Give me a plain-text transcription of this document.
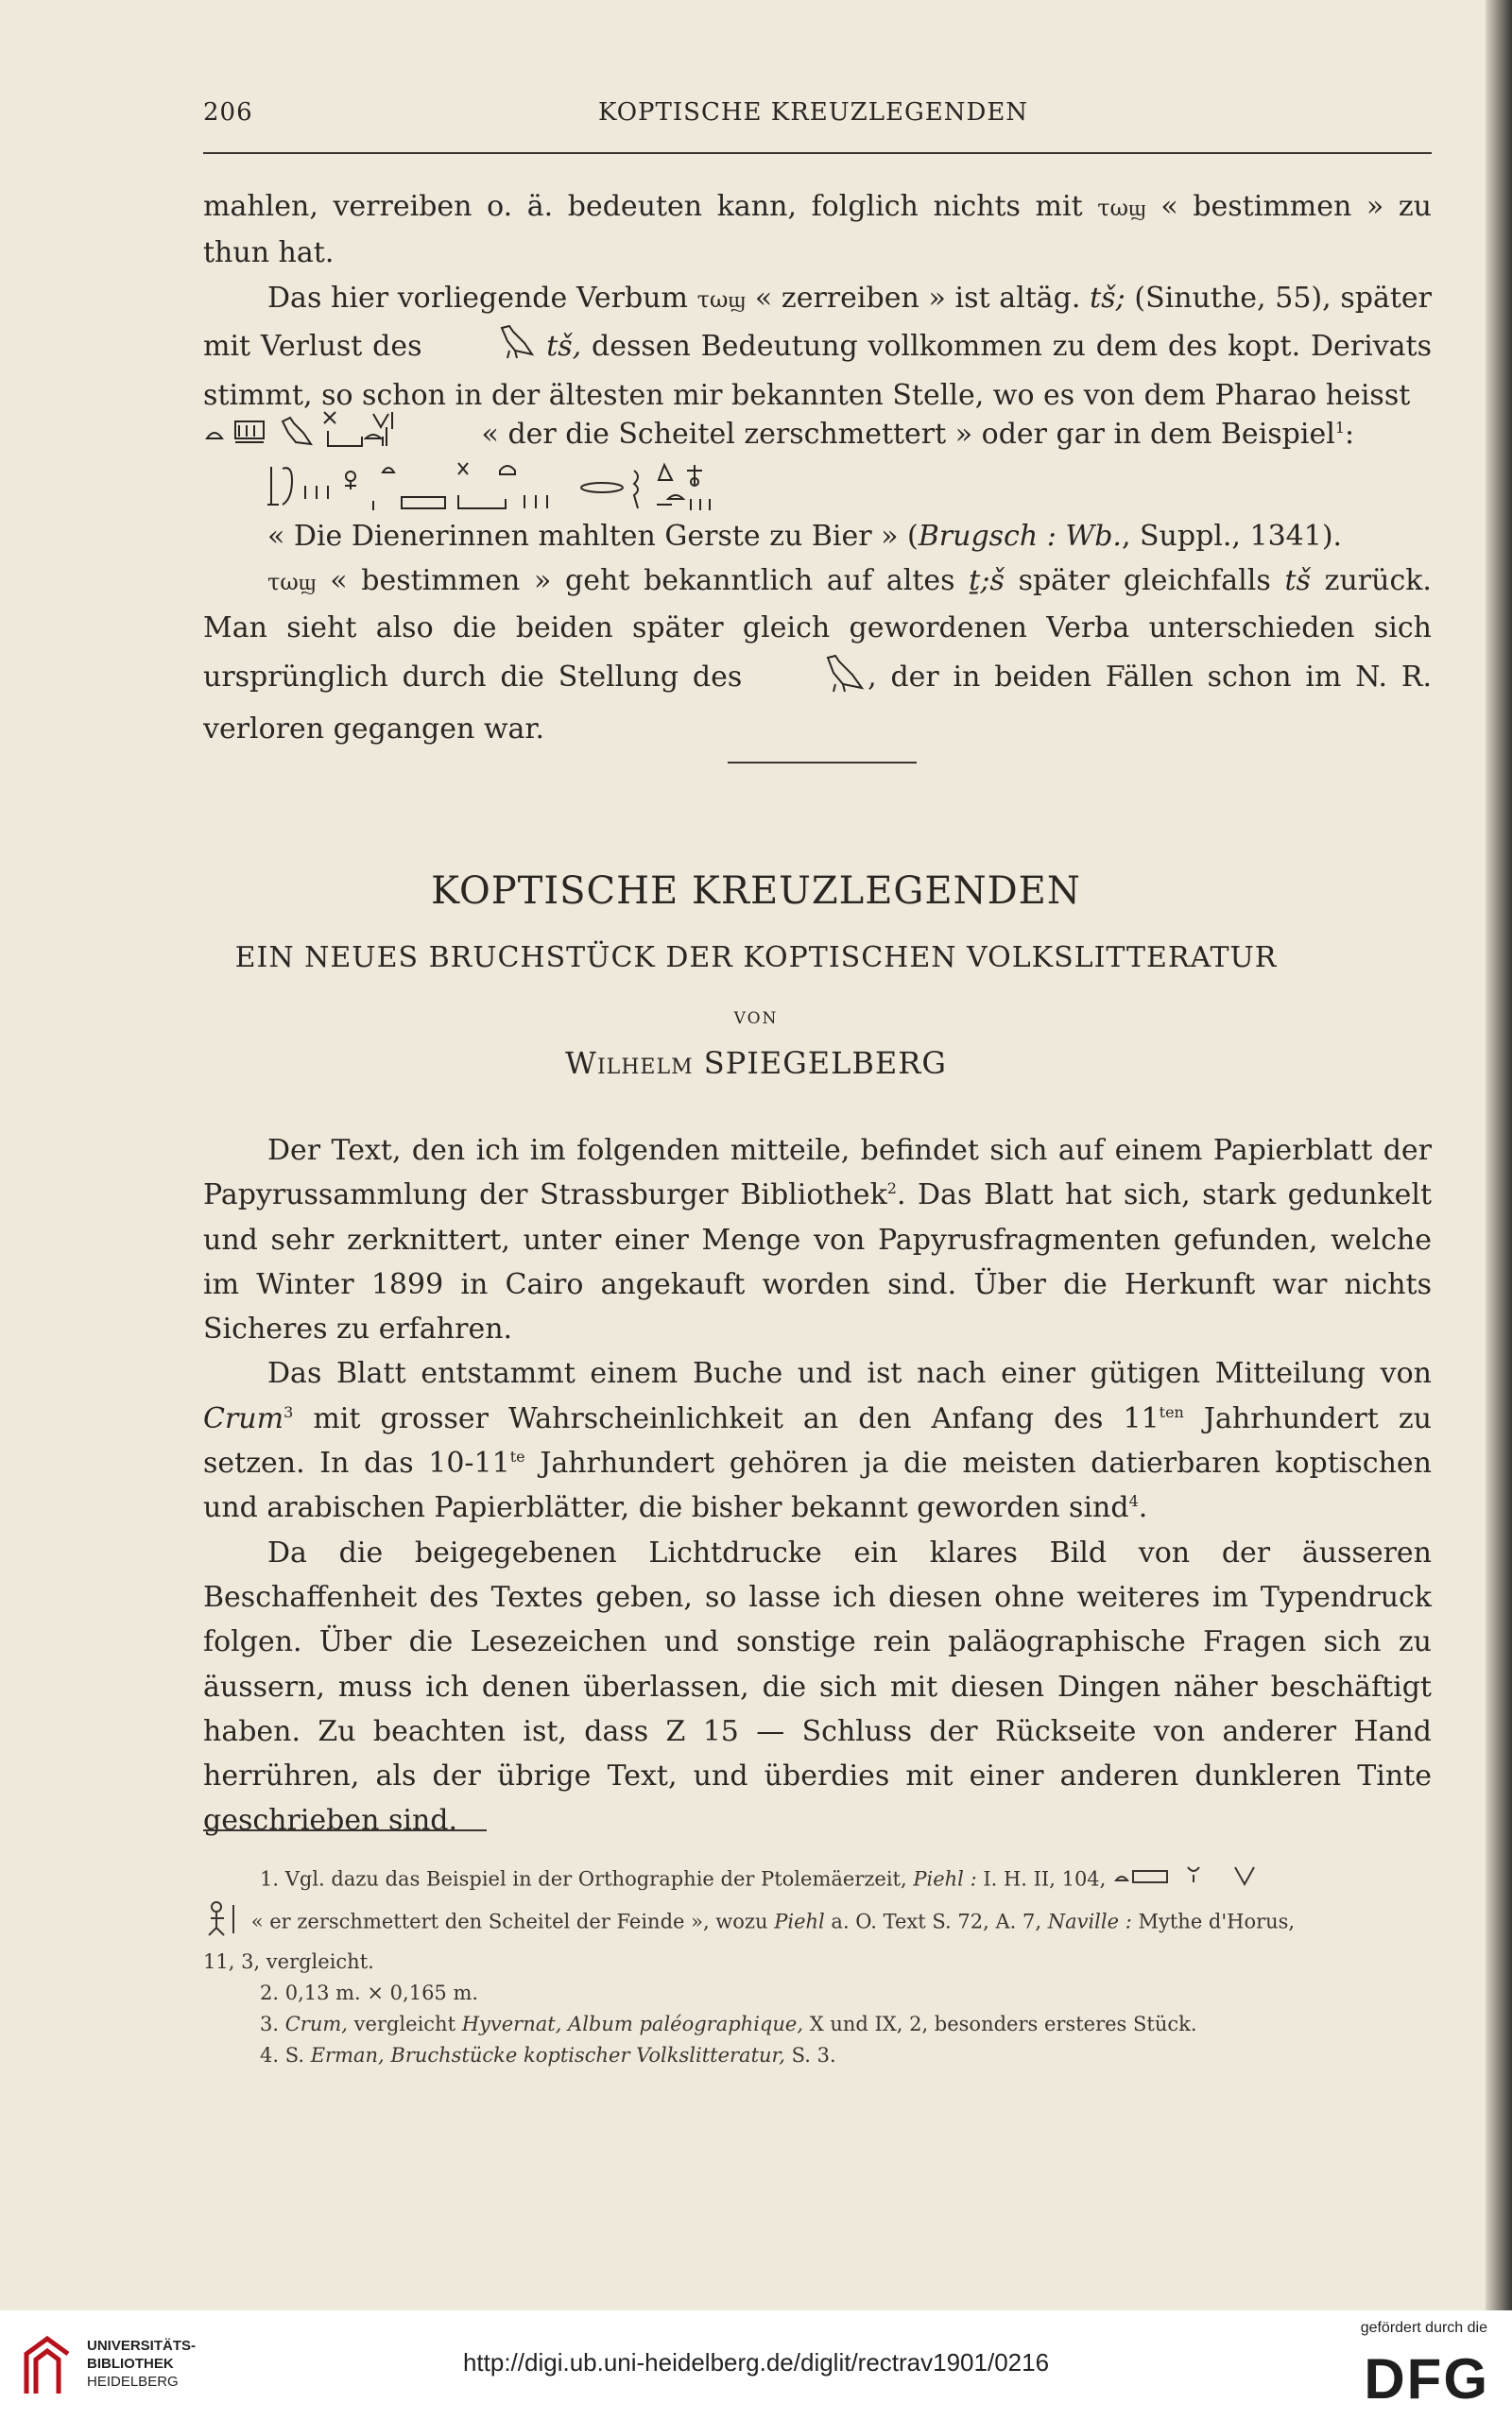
206	KOPTISCHE KREUZLEGENDEN

mahlen, verreiben o. ä. bedeuten kann, folglich nichts mit τωϣ « bestimmen » zu thun hat.

Das hier vorliegende Verbum τωϣ « zerreiben » ist altäg. tš; (Sinuthe, 55), später mit Verlust des	tš, dessen Bedeutung vollkommen zu dem des kopt. Derivats stimmt, so schon in der ältesten mir bekannten Stelle, wo es von dem Pharao heisst

« der die Scheitel zerschmettert » oder gar in dem Beispiel$^1$:

« Die Dienerinnen mahlten Gerste zu Bier » (Brugsch : Wb., Suppl., 1341).

τωϣ « bestimmen » geht bekanntlich auf altes ṯ;š später gleichfalls tš zurück. Man sieht also die beiden später gleich gewordenen Verba unterschieden sich ursprünglich durch die Stellung des	, der in beiden Fällen schon im N. R. verloren gegangen war.

KOPTISCHE KREUZLEGENDEN
EIN NEUES BRUCHSTÜCK DER KOPTISCHEN VOLKSLITTERATUR
VON
Wilhelm SPIEGELBERG

Der Text, den ich im folgenden mitteile, befindet sich auf einem Papierblatt der Papyrussammlung der Strassburger Bibliothek$^2$. Das Blatt hat sich, stark gedunkelt und sehr zerknittert, unter einer Menge von Papyrusfragmenten gefunden, welche im Winter 1899 in Cairo angekauft worden sind. Über die Herkunft war nichts Sicheres zu erfahren.

Das Blatt entstammt einem Buche und ist nach einer gütigen Mitteilung von Crum$^3$ mit grosser Wahrscheinlichkeit an den Anfang des $11^{ten}$ Jahrhundert zu setzen. In das $10-11^{te}$ Jahrhundert gehören ja die meisten datierbaren koptischen und arabischen Papierblätter, die bisher bekannt geworden sind$^4$.

Da die beigegebenen Lichtdrucke ein klares Bild von der äusseren Beschaffenheit des Textes geben, so lasse ich diesen ohne weiteres im Typendruck folgen. Über die Lesezeichen und sonstige rein paläographische Fragen sich zu äussern, muss ich denen überlassen, die sich mit diesen Dingen näher beschäftigt haben. Zu beachten ist, dass Z 15 — Schluss der Rückseite von anderer Hand herrühren, als der übrige Text, und überdies mit einer anderen dunkleren Tinte geschrieben sind.

1. Vgl. dazu das Beispiel in der Orthographie der Ptolemäerzeit, Piehl : I. H. II, 104,

« er zerschmettert den Scheitel der Feinde », wozu Piehl a. O. Text S. 72, A. 7, Naville : Mythe d'Horus,

11, 3, vergleicht.

2. 0,13 m. × 0,165 m.

3. Crum, vergleicht Hyvernat, Album paléographique, X und IX, 2, besonders ersteres Stück.

4. S. Erman, Bruchstücke koptischer Volkslitteratur, S. 3.

UNIVERSITÄTS-
BIBLIOTHEK
HEIDELBERG
http://digi.ub.uni-heidelberg.de/diglit/rectrav1901/0216
gefördert durch die
DFG
